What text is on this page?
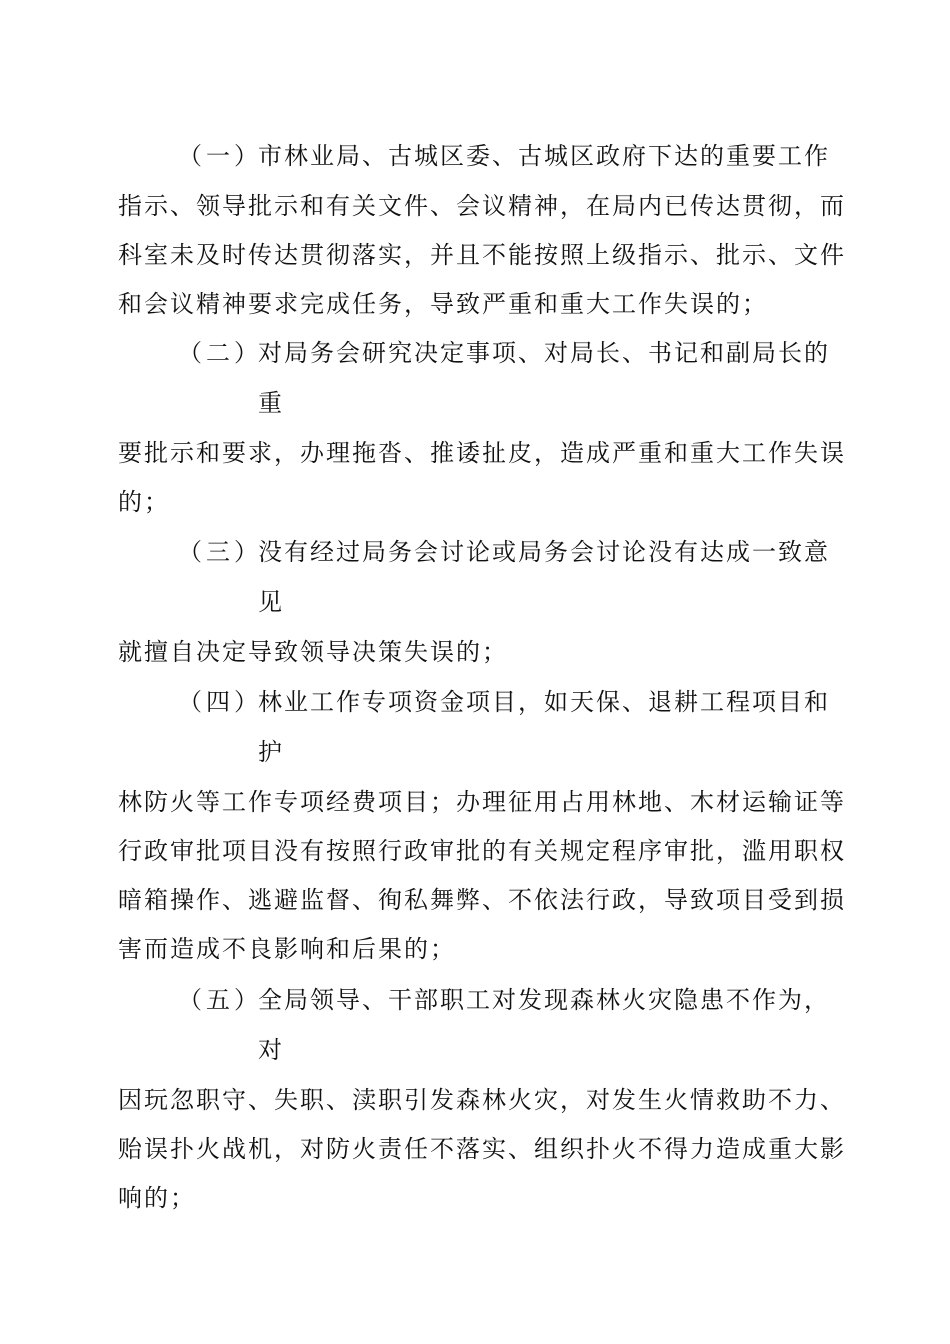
（一）市林业局、古城区委、古城区政府下达的重要工作
指示、领导批示和有关文件、会议精神，在局内已传达贯彻，而
科室未及时传达贯彻落实，并且不能按照上级指示、批示、文件
和会议精神要求完成任务，导致严重和重大工作失误的；
（二）对局务会研究决定事项、对局长、书记和副局长的
重
要批示和要求，办理拖沓、推诿扯皮，造成严重和重大工作失误
的；
（三）没有经过局务会讨论或局务会讨论没有达成一致意
见
就擅自决定导致领导决策失误的；
（四）林业工作专项资金项目，如天保、退耕工程项目和
护
林防火等工作专项经费项目；办理征用占用林地、木材运输证等
行政审批项目没有按照行政审批的有关规定程序审批，滥用职权
暗箱操作、逃避监督、徇私舞弊、不依法行政，导致项目受到损
害而造成不良影响和后果的；
（五）全局领导、干部职工对发现森林火灾隐患不作为，
对
因玩忽职守、失职、渎职引发森林火灾，对发生火情救助不力、
贻误扑火战机，对防火责任不落实、组织扑火不得力造成重大影
响的；
